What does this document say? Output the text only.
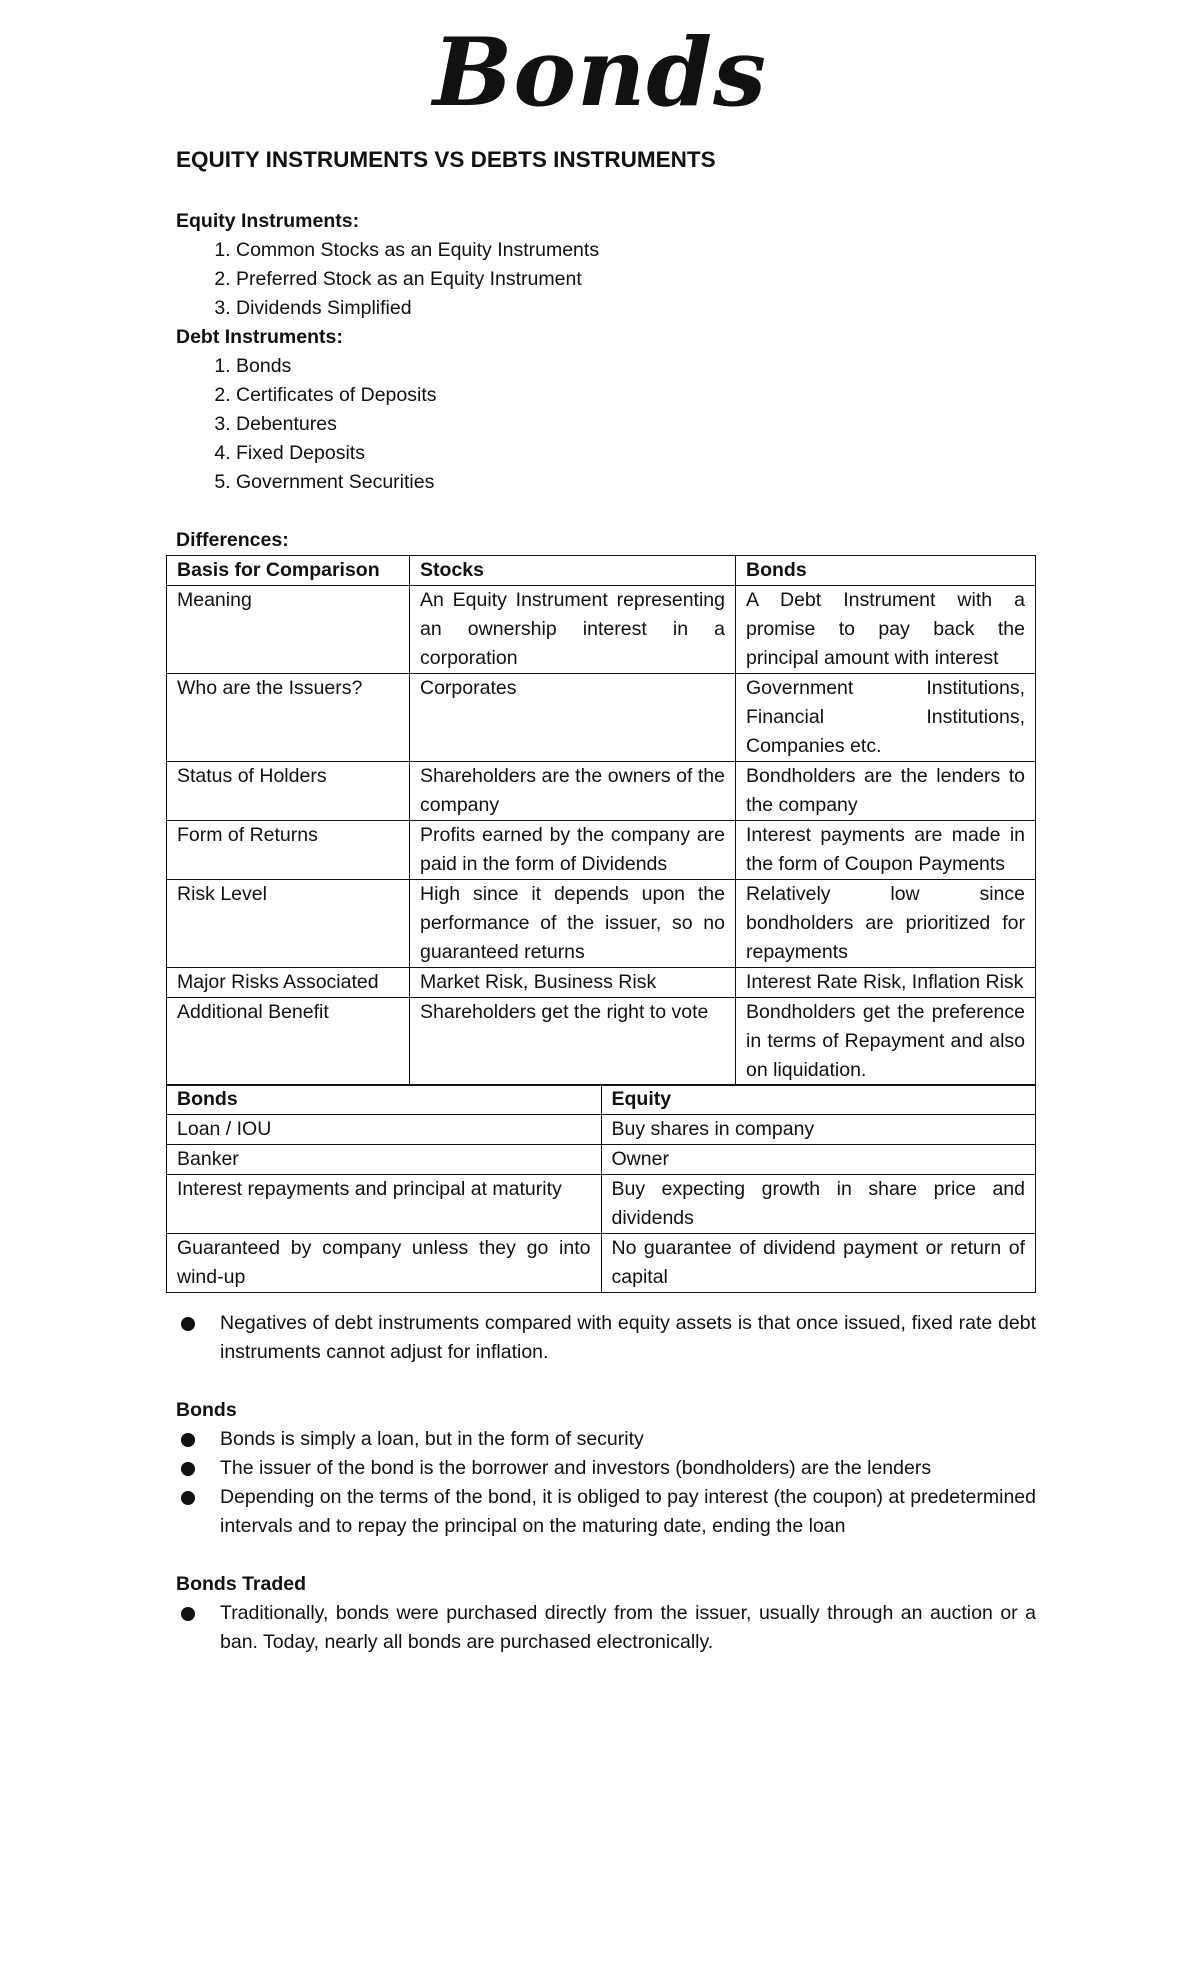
Bonds
EQUITY INSTRUMENTS VS DEBTS INSTRUMENTS
Equity Instruments:
1. Common Stocks as an Equity Instruments
2. Preferred Stock as an Equity Instrument
3. Dividends Simplified
Debt Instruments:
1. Bonds
2. Certificates of Deposits
3. Debentures
4. Fixed Deposits
5. Government Securities
Differences:
Basis for Comparison	Stocks	Bonds
Meaning	An Equity Instrument representing an ownership interest in a corporation	A Debt Instrument with a promise to pay back the principal amount with interest
Who are the Issuers?	Corporates	Government Institutions, Financial Institutions, Companies etc.
Status of Holders	Shareholders are the owners of the company	Bondholders are the lenders to the company
Form of Returns	Profits earned by the company are paid in the form of Dividends	Interest payments are made in the form of Coupon Payments
Risk Level	High since it depends upon the performance of the issuer, so no guaranteed returns	Relatively low since bondholders are prioritized for repayments
Major Risks Associated	Market Risk, Business Risk	Interest Rate Risk, Inflation Risk
Additional Benefit	Shareholders get the right to vote	Bondholders get the preference in terms of Repayment and also on liquidation.
Bonds	Equity
Loan / IOU	Buy shares in company
Banker	Owner
Interest repayments and principal at maturity	Buy expecting growth in share price and dividends
Guaranteed by company unless they go into wind-up	No guarantee of dividend payment or return of capital
Negatives of debt instruments compared with equity assets is that once issued, fixed rate debt instruments cannot adjust for inflation.
Bonds
Bonds is simply a loan, but in the form of security
The issuer of the bond is the borrower and investors (bondholders) are the lenders
Depending on the terms of the bond, it is obliged to pay interest (the coupon) at predetermined intervals and to repay the principal on the maturing date, ending the loan
Bonds Traded
Traditionally, bonds were purchased directly from the issuer, usually through an auction or a ban. Today, nearly all bonds are purchased electronically.
